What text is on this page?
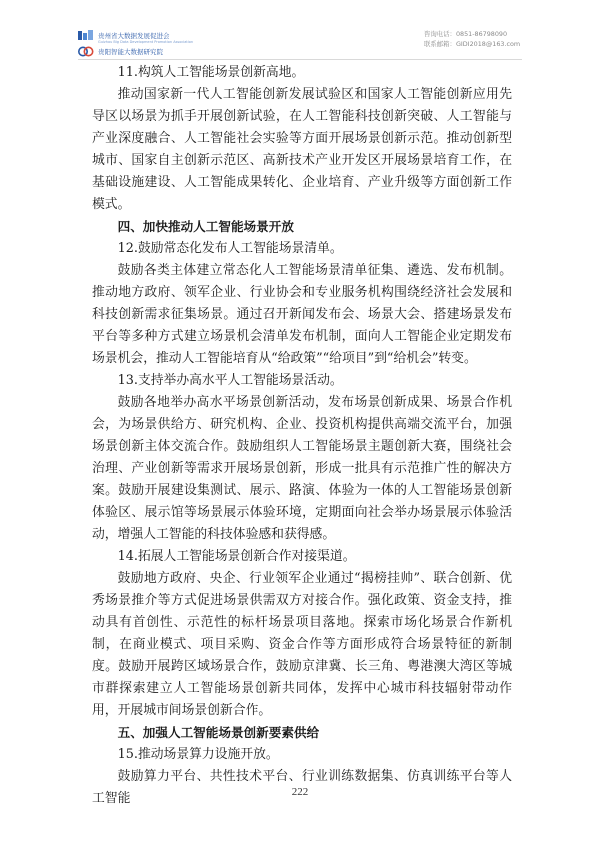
贵州省大数据发展促进会
Guizhou Big Data Development Promotion Association
贵阳智能大数据研究院
咨询电话：0851-86798090
联系邮箱：GIDI2018@163.com

11.构筑人工智能场景创新高地。

推动国家新一代人工智能创新发展试验区和国家人工智能创新应用先导区以场景为抓手开展创新试验，在人工智能科技创新突破、人工智能与产业深度融合、人工智能社会实验等方面开展场景创新示范。推动创新型城市、国家自主创新示范区、高新技术产业开发区开展场景培育工作，在基础设施建设、人工智能成果转化、企业培育、产业升级等方面创新工作模式。

四、加快推动人工智能场景开放

12.鼓励常态化发布人工智能场景清单。

鼓励各类主体建立常态化人工智能场景清单征集、遴选、发布机制。推动地方政府、领军企业、行业协会和专业服务机构围绕经济社会发展和科技创新需求征集场景。通过召开新闻发布会、场景大会、搭建场景发布平台等多种方式建立场景机会清单发布机制，面向人工智能企业定期发布场景机会，推动人工智能培育从“给政策”“给项目”到“给机会”转变。

13.支持举办高水平人工智能场景活动。

鼓励各地举办高水平场景创新活动，发布场景创新成果、场景合作机会，为场景供给方、研究机构、企业、投资机构提供高端交流平台，加强场景创新主体交流合作。鼓励组织人工智能场景主题创新大赛，围绕社会治理、产业创新等需求开展场景创新，形成一批具有示范推广性的解决方案。鼓励开展建设集测试、展示、路演、体验为一体的人工智能场景创新体验区、展示馆等场景展示体验环境，定期面向社会举办场景展示体验活动，增强人工智能的科技体验感和获得感。

14.拓展人工智能场景创新合作对接渠道。

鼓励地方政府、央企、行业领军企业通过“揭榜挂帅”、联合创新、优秀场景推介等方式促进场景供需双方对接合作。强化政策、资金支持，推动具有首创性、示范性的标杆场景项目落地。探索市场化场景合作新机制，在商业模式、项目采购、资金合作等方面形成符合场景特征的新制度。鼓励开展跨区域场景合作，鼓励京津冀、长三角、粤港澳大湾区等城市群探索建立人工智能场景创新共同体，发挥中心城市科技辐射带动作用，开展城市间场景创新合作。

五、加强人工智能场景创新要素供给

15.推动场景算力设施开放。

鼓励算力平台、共性技术平台、行业训练数据集、仿真训练平台等人工智能	222
